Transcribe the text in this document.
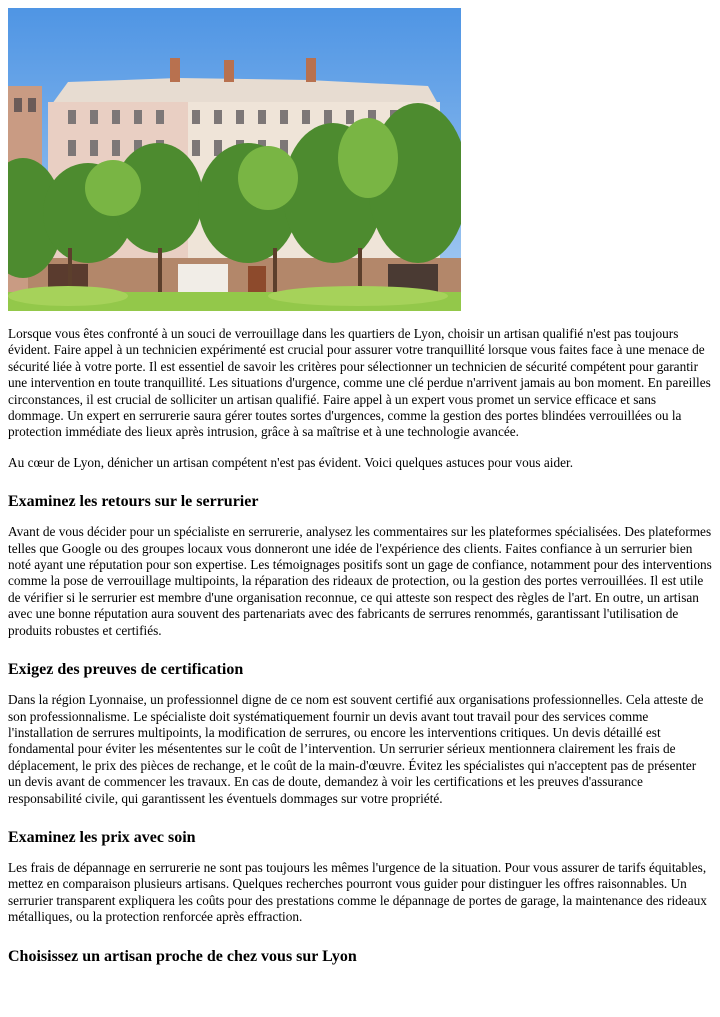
Lorsque vous êtes confronté à un souci de verrouillage dans les quartiers de Lyon, choisir un artisan qualifié n'est pas toujours évident. Faire appel à un technicien expérimenté est crucial pour assurer votre tranquillité lorsque vous faites face à une menace de sécurité liée à votre porte. Il est essentiel de savoir les critères pour sélectionner un technicien de sécurité compétent pour garantir une intervention en toute tranquillité. Les situations d'urgence, comme une clé perdue n'arrivent jamais au bon moment. En pareilles circonstances, il est crucial de solliciter un artisan qualifié. Faire appel à un expert vous promet un service efficace et sans dommage. Un expert en serrurerie saura gérer toutes sortes d'urgences, comme la gestion des portes blindées verrouillées ou la protection immédiate des lieux après intrusion, grâce à sa maîtrise et à une technologie avancée.

Au cœur de Lyon, dénicher un artisan compétent n'est pas évident. Voici quelques astuces pour vous aider.

Examinez les retours sur le serrurier

Avant de vous décider pour un spécialiste en serrurerie, analysez les commentaires sur les plateformes spécialisées. Des plateformes telles que Google ou des groupes locaux vous donneront une idée de l'expérience des clients. Faites confiance à un serrurier bien noté ayant une réputation pour son expertise. Les témoignages positifs sont un gage de confiance, notamment pour des interventions comme la pose de verrouillage multipoints, la réparation des rideaux de protection, ou la gestion des portes verrouillées. Il est utile de vérifier si le serrurier est membre d'une organisation reconnue, ce qui atteste son respect des règles de l'art. En outre, un artisan avec une bonne réputation aura souvent des partenariats avec des fabricants de serrures renommés, garantissant l'utilisation de produits robustes et certifiés.

Exigez des preuves de certification

Dans la région Lyonnaise, un professionnel digne de ce nom est souvent certifié aux organisations professionnelles. Cela atteste de son professionnalisme. Le spécialiste doit systématiquement fournir un devis avant tout travail pour des services comme l'installation de serrures multipoints, la modification de serrures, ou encore les interventions critiques. Un devis détaillé est fondamental pour éviter les mésententes sur le coût de l’intervention. Un serrurier sérieux mentionnera clairement les frais de déplacement, le prix des pièces de rechange, et le coût de la main-d'œuvre. Évitez les spécialistes qui n'acceptent pas de présenter un devis avant de commencer les travaux. En cas de doute, demandez à voir les certifications et les preuves d'assurance responsabilité civile, qui garantissent les éventuels dommages sur votre propriété.

Examinez les prix avec soin

Les frais de dépannage en serrurerie ne sont pas toujours les mêmes l'urgence de la situation. Pour vous assurer de tarifs équitables, mettez en comparaison plusieurs artisans. Quelques recherches pourront vous guider pour distinguer les offres raisonnables. Un serrurier transparent expliquera les coûts pour des prestations comme le dépannage de portes de garage, la maintenance des rideaux métalliques, ou la protection renforcée après effraction.

Choisissez un artisan proche de chez vous sur Lyon
